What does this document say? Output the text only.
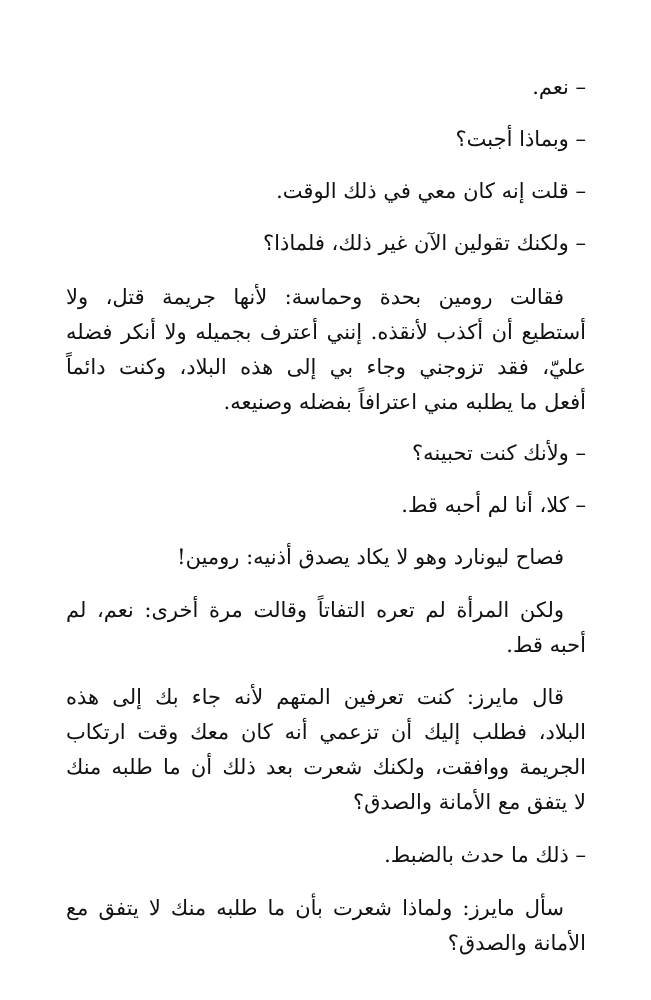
– نعم.
– وبماذا أجبت؟
– قلت إنه كان معي في ذلك الوقت.
– ولكنك تقولين الآن غير ذلك، فلماذا؟
فقالت رومين بحدة وحماسة: لأنها جريمة قتل، ولا
أستطيع أن أكذب لأنقذه. إنني أعترف بجميله ولا أنكر فضله
عليّ، فقد تزوجني وجاء بي إلى هذه البلاد، وكنت دائماً
أفعل ما يطلبه مني اعترافاً بفضله وصنيعه.
– ولأنك كنت تحبينه؟
– كلا، أنا لم أحبه قط.
فصاح ليونارد وهو لا يكاد يصدق أذنيه: رومين!
ولكن المرأة لم تعره التفاتاً وقالت مرة أخرى: نعم، لم
أحبه قط.
قال مايرز: كنت تعرفين المتهم لأنه جاء بك إلى هذه
البلاد، فطلب إليك أن تزعمي أنه كان معك وقت ارتكاب
الجريمة ووافقت، ولكنك شعرت بعد ذلك أن ما طلبه منك
لا يتفق مع الأمانة والصدق؟
– ذلك ما حدث بالضبط.
سأل مايرز: ولماذا شعرت بأن ما طلبه منك لا يتفق مع
الأمانة والصدق؟
